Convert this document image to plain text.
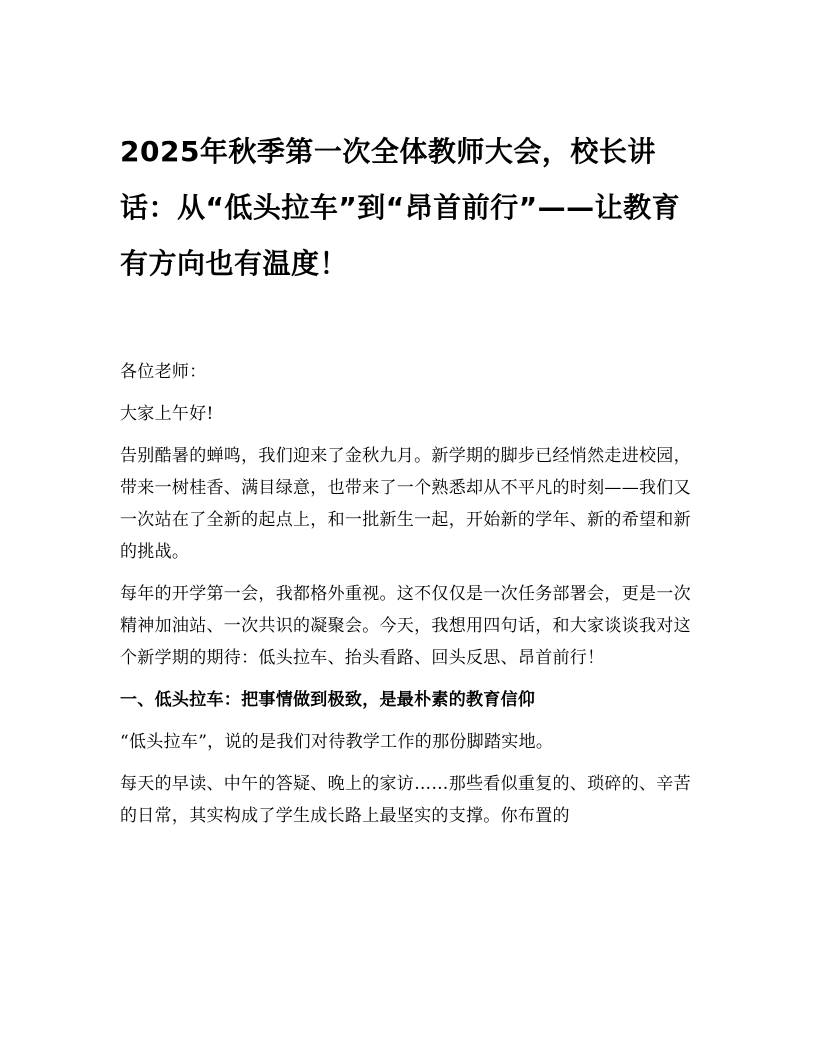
2025年秋季第一次全体教师大会，校长讲话：从“低头拉车”到“昂首前行”——让教育有方向也有温度！

各位老师：

大家上午好!

告别酷暑的蝉鸣，我们迎来了金秋九月。新学期的脚步已经悄然走进校园，带来一树桂香、满目绿意，也带来了一个熟悉却从不平凡的时刻——我们又一次站在了全新的起点上，和一批新生一起，开始新的学年、新的希望和新的挑战。

每年的开学第一会，我都格外重视。这不仅仅是一次任务部署会，更是一次精神加油站、一次共识的凝聚会。今天，我想用四句话，和大家谈谈我对这个新学期的期待：低头拉车、抬头看路、回头反思、昂首前行！

一、低头拉车：把事情做到极致，是最朴素的教育信仰

“低头拉车”，说的是我们对待教学工作的那份脚踏实地。

每天的早读、中午的答疑、晚上的家访……那些看似重复的、琐碎的、辛苦的日常，其实构成了学生成长路上最坚实的支撑。你布置的
